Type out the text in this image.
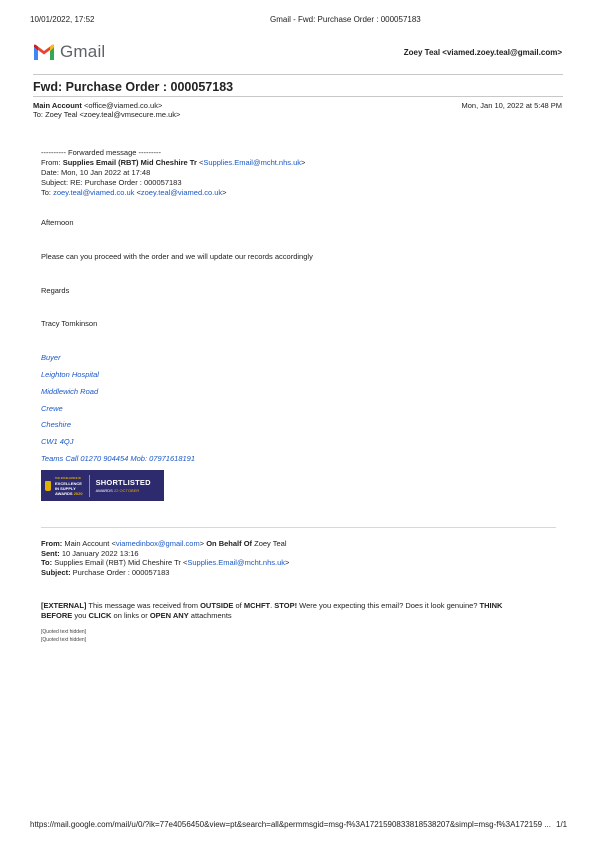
10/01/2022, 17:52	Gmail - Fwd: Purchase Order : 000057183
Gmail	Zoey Teal <viamed.zoey.teal@gmail.com>
Fwd: Purchase Order : 000057183
Main Account <office@viamed.co.uk>	Mon, Jan 10, 2022 at 5:48 PM
To: Zoey Teal <zoey.teal@vmsecure.me.uk>
---------- Forwarded message ---------
From: Supplies Email (RBT) Mid Cheshire Tr <Supplies.Email@mcht.nhs.uk>
Date: Mon, 10 Jan 2022 at 17:48
Subject: RE: Purchase Order : 000057183
To: zoey.teal@viamed.co.uk <zoey.teal@viamed.co.uk>
Afternoon
Please can you proceed with the order and we will update our records accordingly
Regards
Tracy Tomkinson
Buyer
Leighton Hospital
Middlewich Road
Crewe
Cheshire
CW1 4QJ
Teams Call 01270 904454 Mob: 07971618191
THE EXCELLENCE IN
EXCELLENCE
IN SUPPLY
AWARDS 2020
SHORTLISTED
AWARDS 22 OCTOBER
From: Main Account <viamedinbox@gmail.com> On Behalf Of Zoey Teal
Sent: 10 January 2022 13:16
To: Supplies Email (RBT) Mid Cheshire Tr <Supplies.Email@mcht.nhs.uk>
Subject: Purchase Order : 000057183
[EXTERNAL] This message was received from OUTSIDE of MCHFT. STOP! Were you expecting this email? Does it look genuine? THINK
BEFORE you CLICK on links or OPEN ANY attachments
[Quoted text hidden]
[Quoted text hidden]
https://mail.google.com/mail/u/0/?ik=77e4056450&view=pt&search=all&permmsgid=msg-f%3A1721590833818538207&simpl=msg-f%3A172159 ... 1/1
